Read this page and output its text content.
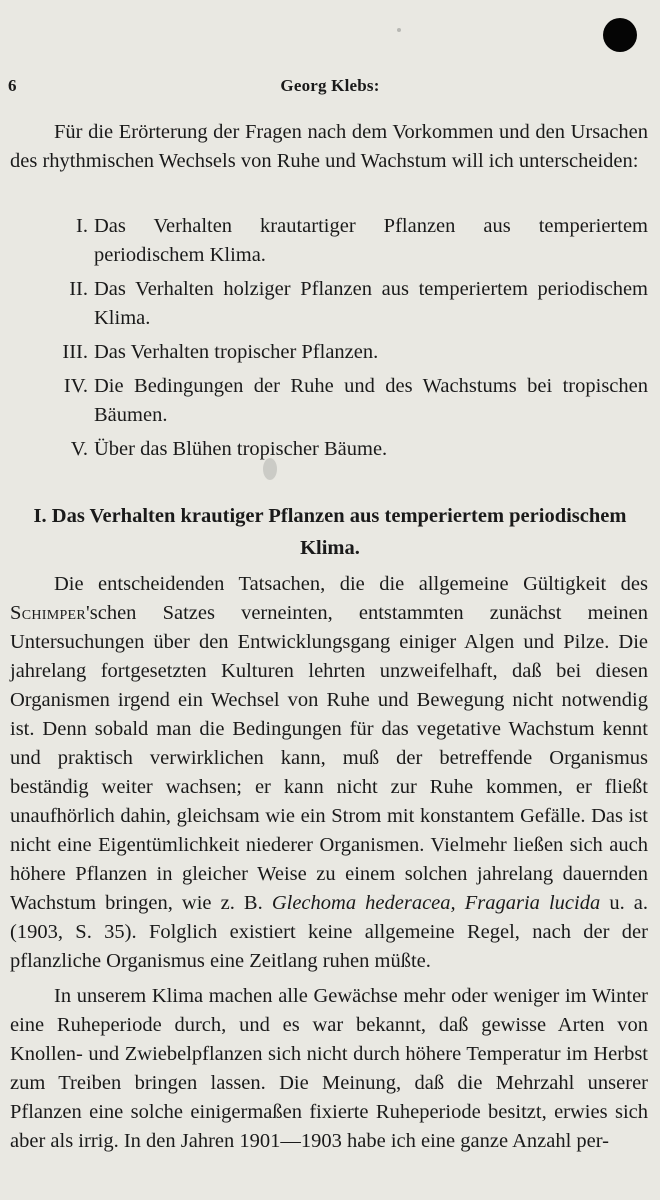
6	Georg Klebs:

Für die Erörterung der Fragen nach dem Vorkommen und den Ursachen des rhythmischen Wechsels von Ruhe und Wachstum will ich unterscheiden:

I. Das Verhalten krautartiger Pflanzen aus temperiertem periodischem Klima.
II. Das Verhalten holziger Pflanzen aus temperiertem periodischem Klima.
III. Das Verhalten tropischer Pflanzen.
IV. Die Bedingungen der Ruhe und des Wachstums bei tropischen Bäumen.
V. Über das Blühen tropischer Bäume.
I. Das Verhalten krautiger Pflanzen aus temperiertem periodischem Klima.

Die entscheidenden Tatsachen, die die allgemeine Gültigkeit des Schimper'schen Satzes verneinten, entstammten zunächst meinen Untersuchungen über den Entwicklungsgang einiger Algen und Pilze. Die jahrelang fortgesetzten Kulturen lehrten unzweifelhaft, daß bei diesen Organismen irgend ein Wechsel von Ruhe und Bewegung nicht notwendig ist. Denn sobald man die Bedingungen für das vegetative Wachstum kennt und praktisch verwirklichen kann, muß der betreffende Organismus beständig weiter wachsen; er kann nicht zur Ruhe kommen, er fließt unaufhörlich dahin, gleichsam wie ein Strom mit konstantem Gefälle. Das ist nicht eine Eigentümlichkeit niederer Organismen. Vielmehr ließen sich auch höhere Pflanzen in gleicher Weise zu einem solchen jahrelang dauernden Wachstum bringen, wie z. B. Glechoma hederacea, Fragaria lucida u. a. (1903, S. 35). Folglich existiert keine allgemeine Regel, nach der der pflanzliche Organismus eine Zeitlang ruhen müßte.

In unserem Klima machen alle Gewächse mehr oder weniger im Winter eine Ruheperiode durch, und es war bekannt, daß gewisse Arten von Knollen- und Zwiebelpflanzen sich nicht durch höhere Temperatur im Herbst zum Treiben bringen lassen. Die Meinung, daß die Mehrzahl unserer Pflanzen eine solche einigermaßen fixierte Ruheperiode besitzt, erwies sich aber als irrig. In den Jahren 1901—1903 habe ich eine ganze Anzahl per-
